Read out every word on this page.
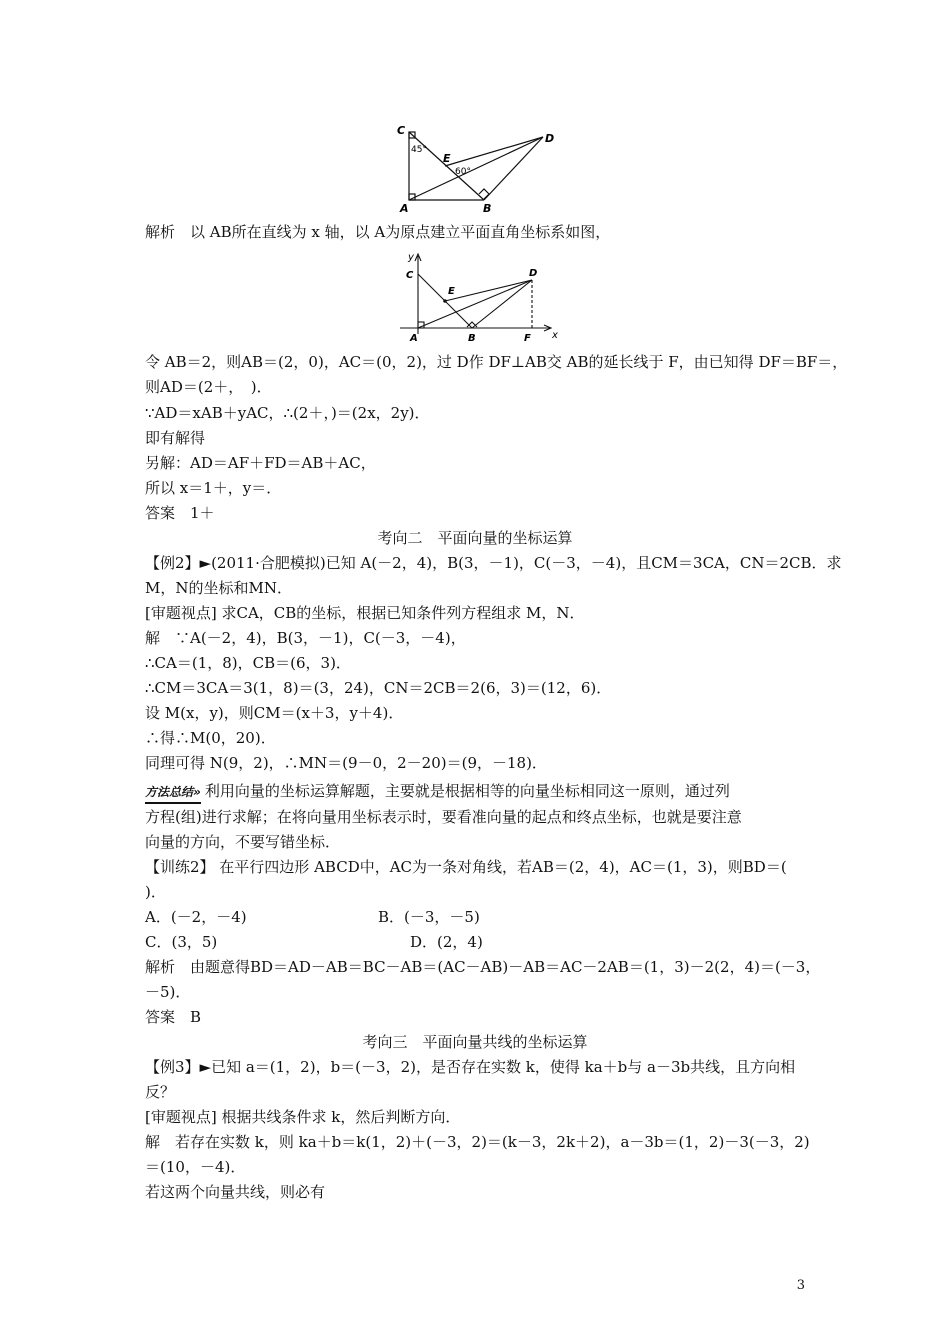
C
45°
E
60°
D
A	B
解析　以 AB所在直线为 x 轴，以 A为原点建立平面直角坐标系如图，
y
C
E
D
A	B	F x
令 AB＝2，则AB＝(2，0)，AC＝(0，2)，过 D作 DF⊥AB交 AB的延长线于 F，由已知得 DF＝BF＝，
则AD＝(2＋，　)．
∵AD＝xAB＋yAC，∴(2＋，)＝(2x，2y)．
即有解得
另解：AD＝AF＋FD＝AB＋AC，
所以 x＝1＋，y＝．
答案　1＋
考向二　平面向量的坐标运算
【例2】►(2011·合肥模拟)已知 A(－2，4)，B(3，－1)，C(－3，－4)，且CM＝3CA，CN＝2CB．求
M，N的坐标和MN．
[审题视点] 求CA，CB的坐标，根据已知条件列方程组求 M，N．
解　∵A(－2，4)，B(3，－1)，C(－3，－4)，
∴CA＝(1，8)，CB＝(6，3)．
∴CM＝3CA＝3(1，8)＝(3，24)，CN＝2CB＝2(6，3)＝(12，6)．
设 M(x，y)，则CM＝(x＋3，y＋4)．
∴得∴M(0，20)．
同理可得 N(9，2)，∴MN＝(9－0，2－20)＝(9，－18)．
方法总结» 利用向量的坐标运算解题，主要就是根据相等的向量坐标相同这一原则，通过列
方程(组)进行求解；在将向量用坐标表示时，要看准向量的起点和终点坐标，也就是要注意
向量的方向，不要写错坐标．
【训练2】 在平行四边形 ABCD中，AC为一条对角线，若AB＝(2，4)，AC＝(1，3)，则BD＝(
)．
A．(－2，－4)	B．(－3，－5)
C．(3，5)	D．(2，4)
解析　由题意得BD＝AD－AB＝BC－AB＝(AC－AB)－AB＝AC－2AB＝(1，3)－2(2，4)＝(－3，
－5)．
答案　B
考向三　平面向量共线的坐标运算
【例3】►已知 a＝(1，2)，b＝(－3，2)，是否存在实数 k，使得 ka＋b与 a－3b共线，且方向相
反？
[审题视点] 根据共线条件求 k，然后判断方向．
解　若存在实数 k，则 ka＋b＝k(1，2)＋(－3，2)＝(k－3，2k＋2)，a－3b＝(1，2)－3(－3，2)
＝(10，－4)．
若这两个向量共线，则必有
3
